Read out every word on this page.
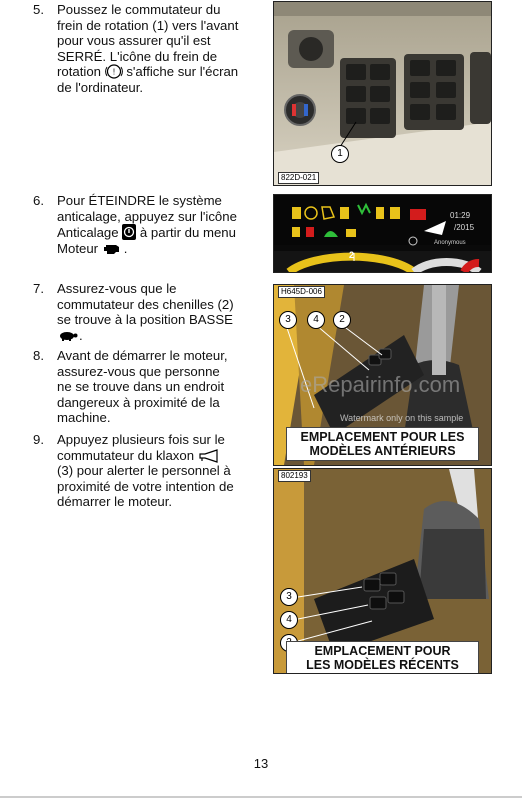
5. Poussez le commutateur du
frein de rotation (1) vers l'avant
pour vous assurer qu'il est
SERRÉ. L'icône du frein de
rotation ! s'affiche sur l'écran
de l'ordinateur.
6. Pour ÉTEINDRE le système
anticalage, appuyez sur l'icône
Anticalage  à partir du menu
Moteur .
7. Assurez-vous que le
commutateur des chenilles (2)
se trouve à la position BASSE
.
8. Avant de démarrer le moteur,
assurez-vous que personne
ne se trouve dans un endroit
dangereux à proximité de la
machine.
9. Appuyez plusieurs fois sur le
commutateur du klaxon
(3) pour alerter le personnel à
proximité de votre intention de
démarrer le moteur.
1
822D-021
01:29
/2015
Anonymous
2
H645D-006
3	4	2
EMPLACEMENT POUR LES
MODÈLES ANTÉRIEURS
802193
3
4
EMPLACEMENT POUR
LES MODÈLES RÉCENTS
eRepairinfo.com
Watermark only on this sample
13
